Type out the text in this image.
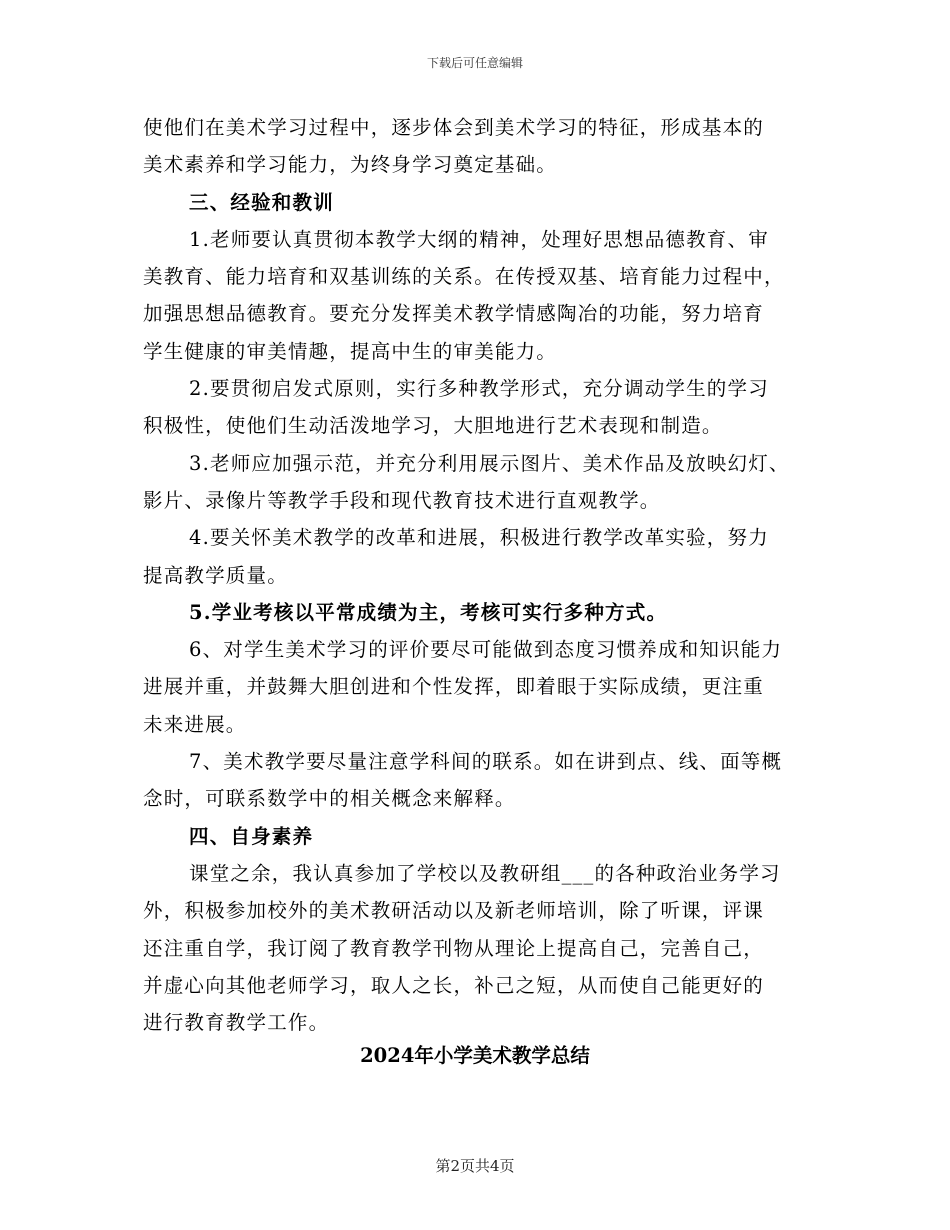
下载后可任意编辑
使他们在美术学习过程中，逐步体会到美术学习的特征，形成基本的
美术素养和学习能力，为终身学习奠定基础。
三、经验和教训
1.老师要认真贯彻本教学大纲的精神，处理好思想品德教育、审
美教育、能力培育和双基训练的关系。在传授双基、培育能力过程中，
加强思想品德教育。要充分发挥美术教学情感陶冶的功能，努力培育
学生健康的审美情趣，提高中生的审美能力。
2.要贯彻启发式原则，实行多种教学形式，充分调动学生的学习
积极性，使他们生动活泼地学习，大胆地进行艺术表现和制造。
3.老师应加强示范，并充分利用展示图片、美术作品及放映幻灯、
影片、录像片等教学手段和现代教育技术进行直观教学。
4.要关怀美术教学的改革和进展，积极进行教学改革实验，努力
提高教学质量。
5.学业考核以平常成绩为主，考核可实行多种方式。
6、对学生美术学习的评价要尽可能做到态度习惯养成和知识能力
进展并重，并鼓舞大胆创进和个性发挥，即着眼于实际成绩，更注重
未来进展。
7、美术教学要尽量注意学科间的联系。如在讲到点、线、面等概
念时，可联系数学中的相关概念来解释。
四、自身素养
课堂之余，我认真参加了学校以及教研组___的各种政治业务学习
外，积极参加校外的美术教研活动以及新老师培训，除了听课，评课
还注重自学，我订阅了教育教学刊物从理论上提高自己，完善自己，
并虚心向其他老师学习，取人之长，补己之短，从而使自己能更好的
进行教育教学工作。
2024年小学美术教学总结
第2页共4页
